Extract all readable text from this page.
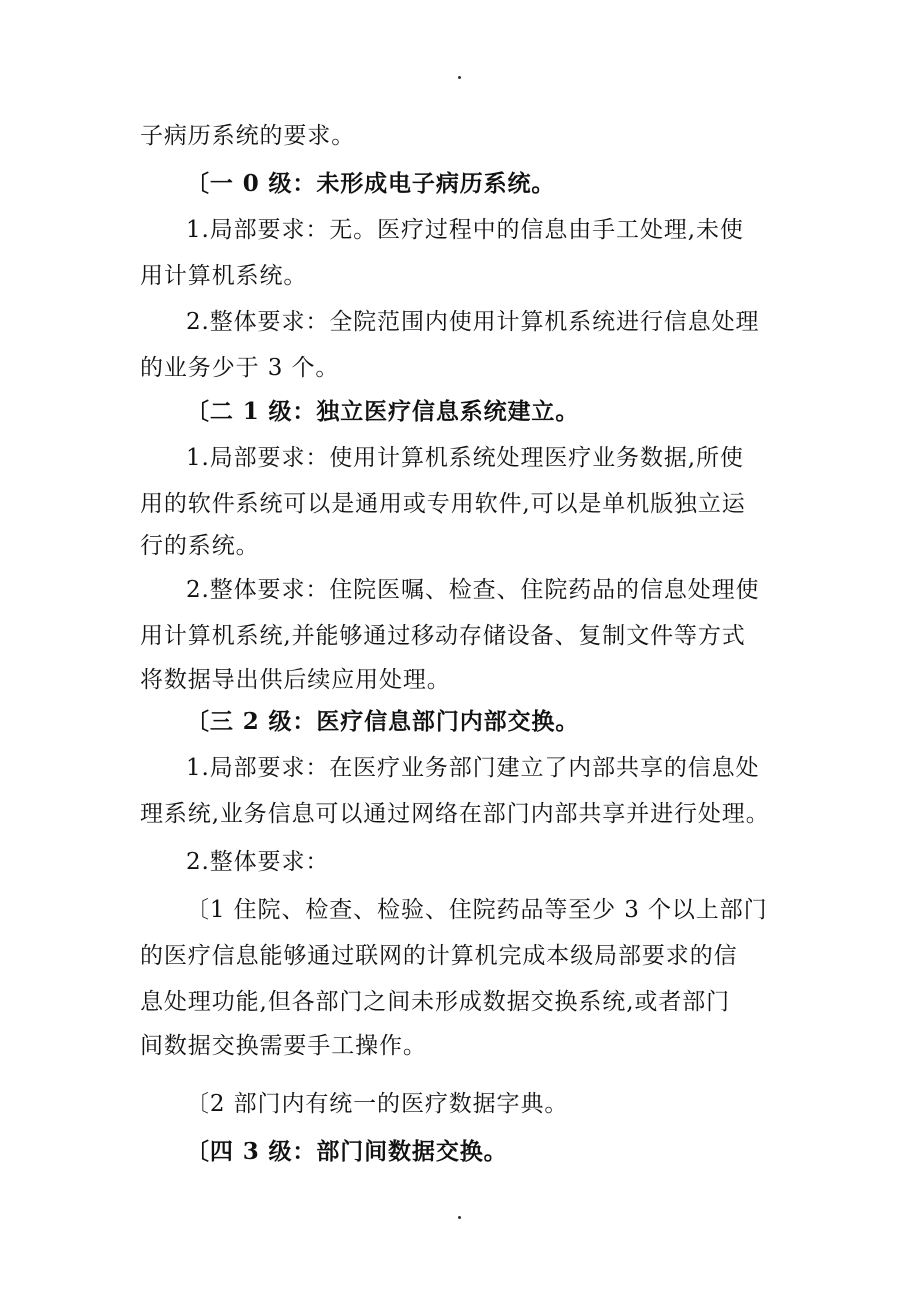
子病历系统的要求。
〔一 0 级：未形成电子病历系统。
1.局部要求：无。医疗过程中的信息由手工处理,未使
用计算机系统。
2.整体要求：全院范围内使用计算机系统进行信息处理
的业务少于 3 个。
〔二 1 级：独立医疗信息系统建立。
1.局部要求：使用计算机系统处理医疗业务数据,所使
用的软件系统可以是通用或专用软件,可以是单机版独立运
行的系统。
2.整体要求：住院医嘱、检查、住院药品的信息处理使
用计算机系统,并能够通过移动存储设备、复制文件等方式
将数据导出供后续应用处理。
〔三 2 级：医疗信息部门内部交换。
1.局部要求：在医疗业务部门建立了内部共享的信息处
理系统,业务信息可以通过网络在部门内部共享并进行处理。
2.整体要求：
〔1 住院、检查、检验、住院药品等至少 3 个以上部门
的医疗信息能够通过联网的计算机完成本级局部要求的信
息处理功能,但各部门之间未形成数据交换系统,或者部门
间数据交换需要手工操作。
〔2 部门内有统一的医疗数据字典。
〔四 3 级：部门间数据交换。
